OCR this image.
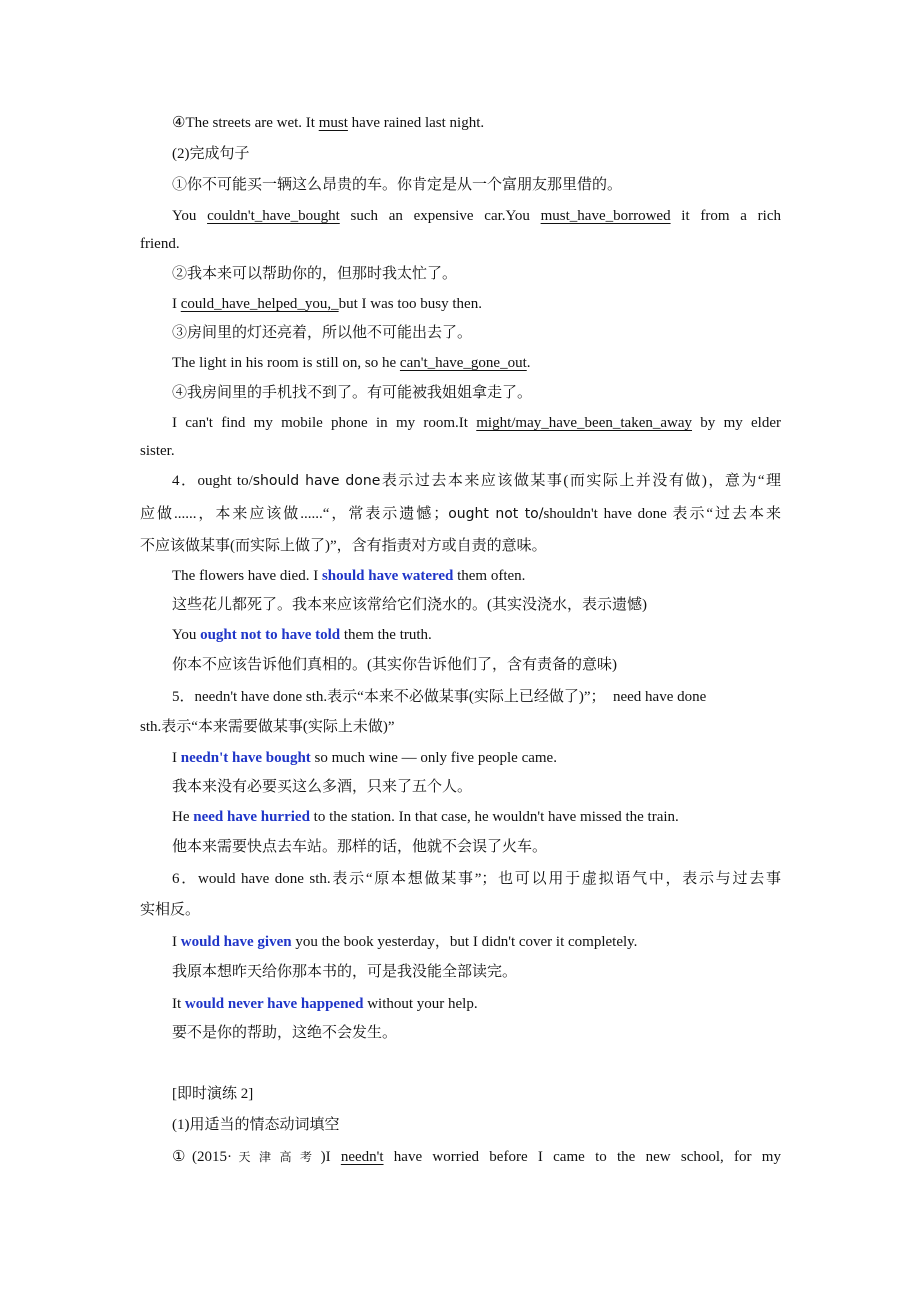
④The streets are wet. It must have rained last night.
(2)完成句子
①你不可能买一辆这么昂贵的车。你肯定是从一个富朋友那里借的。
You couldn't_have_bought such an expensive car.You must_have_borrowed it from a rich
friend.
②我本来可以帮助你的，但那时我太忙了。
I could_have_helped_you,_but I was too busy then.
③房间里的灯还亮着，所以他不可能出去了。
The light in his room is still on, so he can't_have_gone_out.
④我房间里的手机找不到了。有可能被我姐姐拿走了。
I can't find my mobile phone in my room.It might/may_have_been_taken_away by my elder
sister.
4．ought to/should have done表示过去本来应该做某事(而实际上并没有做)，意为“理
应做......，本来应该做......“，常表示遗憾；ought not to/shouldn't have done 表示“过去本来
不应该做某事(而实际上做了)”，含有指责对方或自责的意味。
The flowers have died. I should have watered them often.
这些花儿都死了。我本来应该常给它们浇水的。(其实没浇水，表示遗憾)
You ought not to have told them the truth.
你本不应该告诉他们真相的。(其实你告诉他们了，含有责备的意味)
5．needn't have done sth.表示“本来不必做某事(实际上已经做了)”；　need have done
sth.表示“本来需要做某事(实际上未做)”
I needn't have bought so much wine — only five people came.
我本来没有必要买这么多酒，只来了五个人。
He need have hurried to the station. In that case, he wouldn't have missed the train.
他本来需要快点去车站。那样的话，他就不会误了火车。
6．would have done sth.表示“原本想做某事”；也可以用于虚拟语气中，表示与过去事
实相反。
I would have given you the book yesterday，but I didn't cover it completely.
我原本想昨天给你那本书的，可是我没能全部读完。
It would never have happened without your help.
要不是你的帮助，这绝不会发生。
[即时演练 2]
(1)用适当的情态动词填空
①(2015·天津高考)I needn't have worried before I came to the new school, for my
